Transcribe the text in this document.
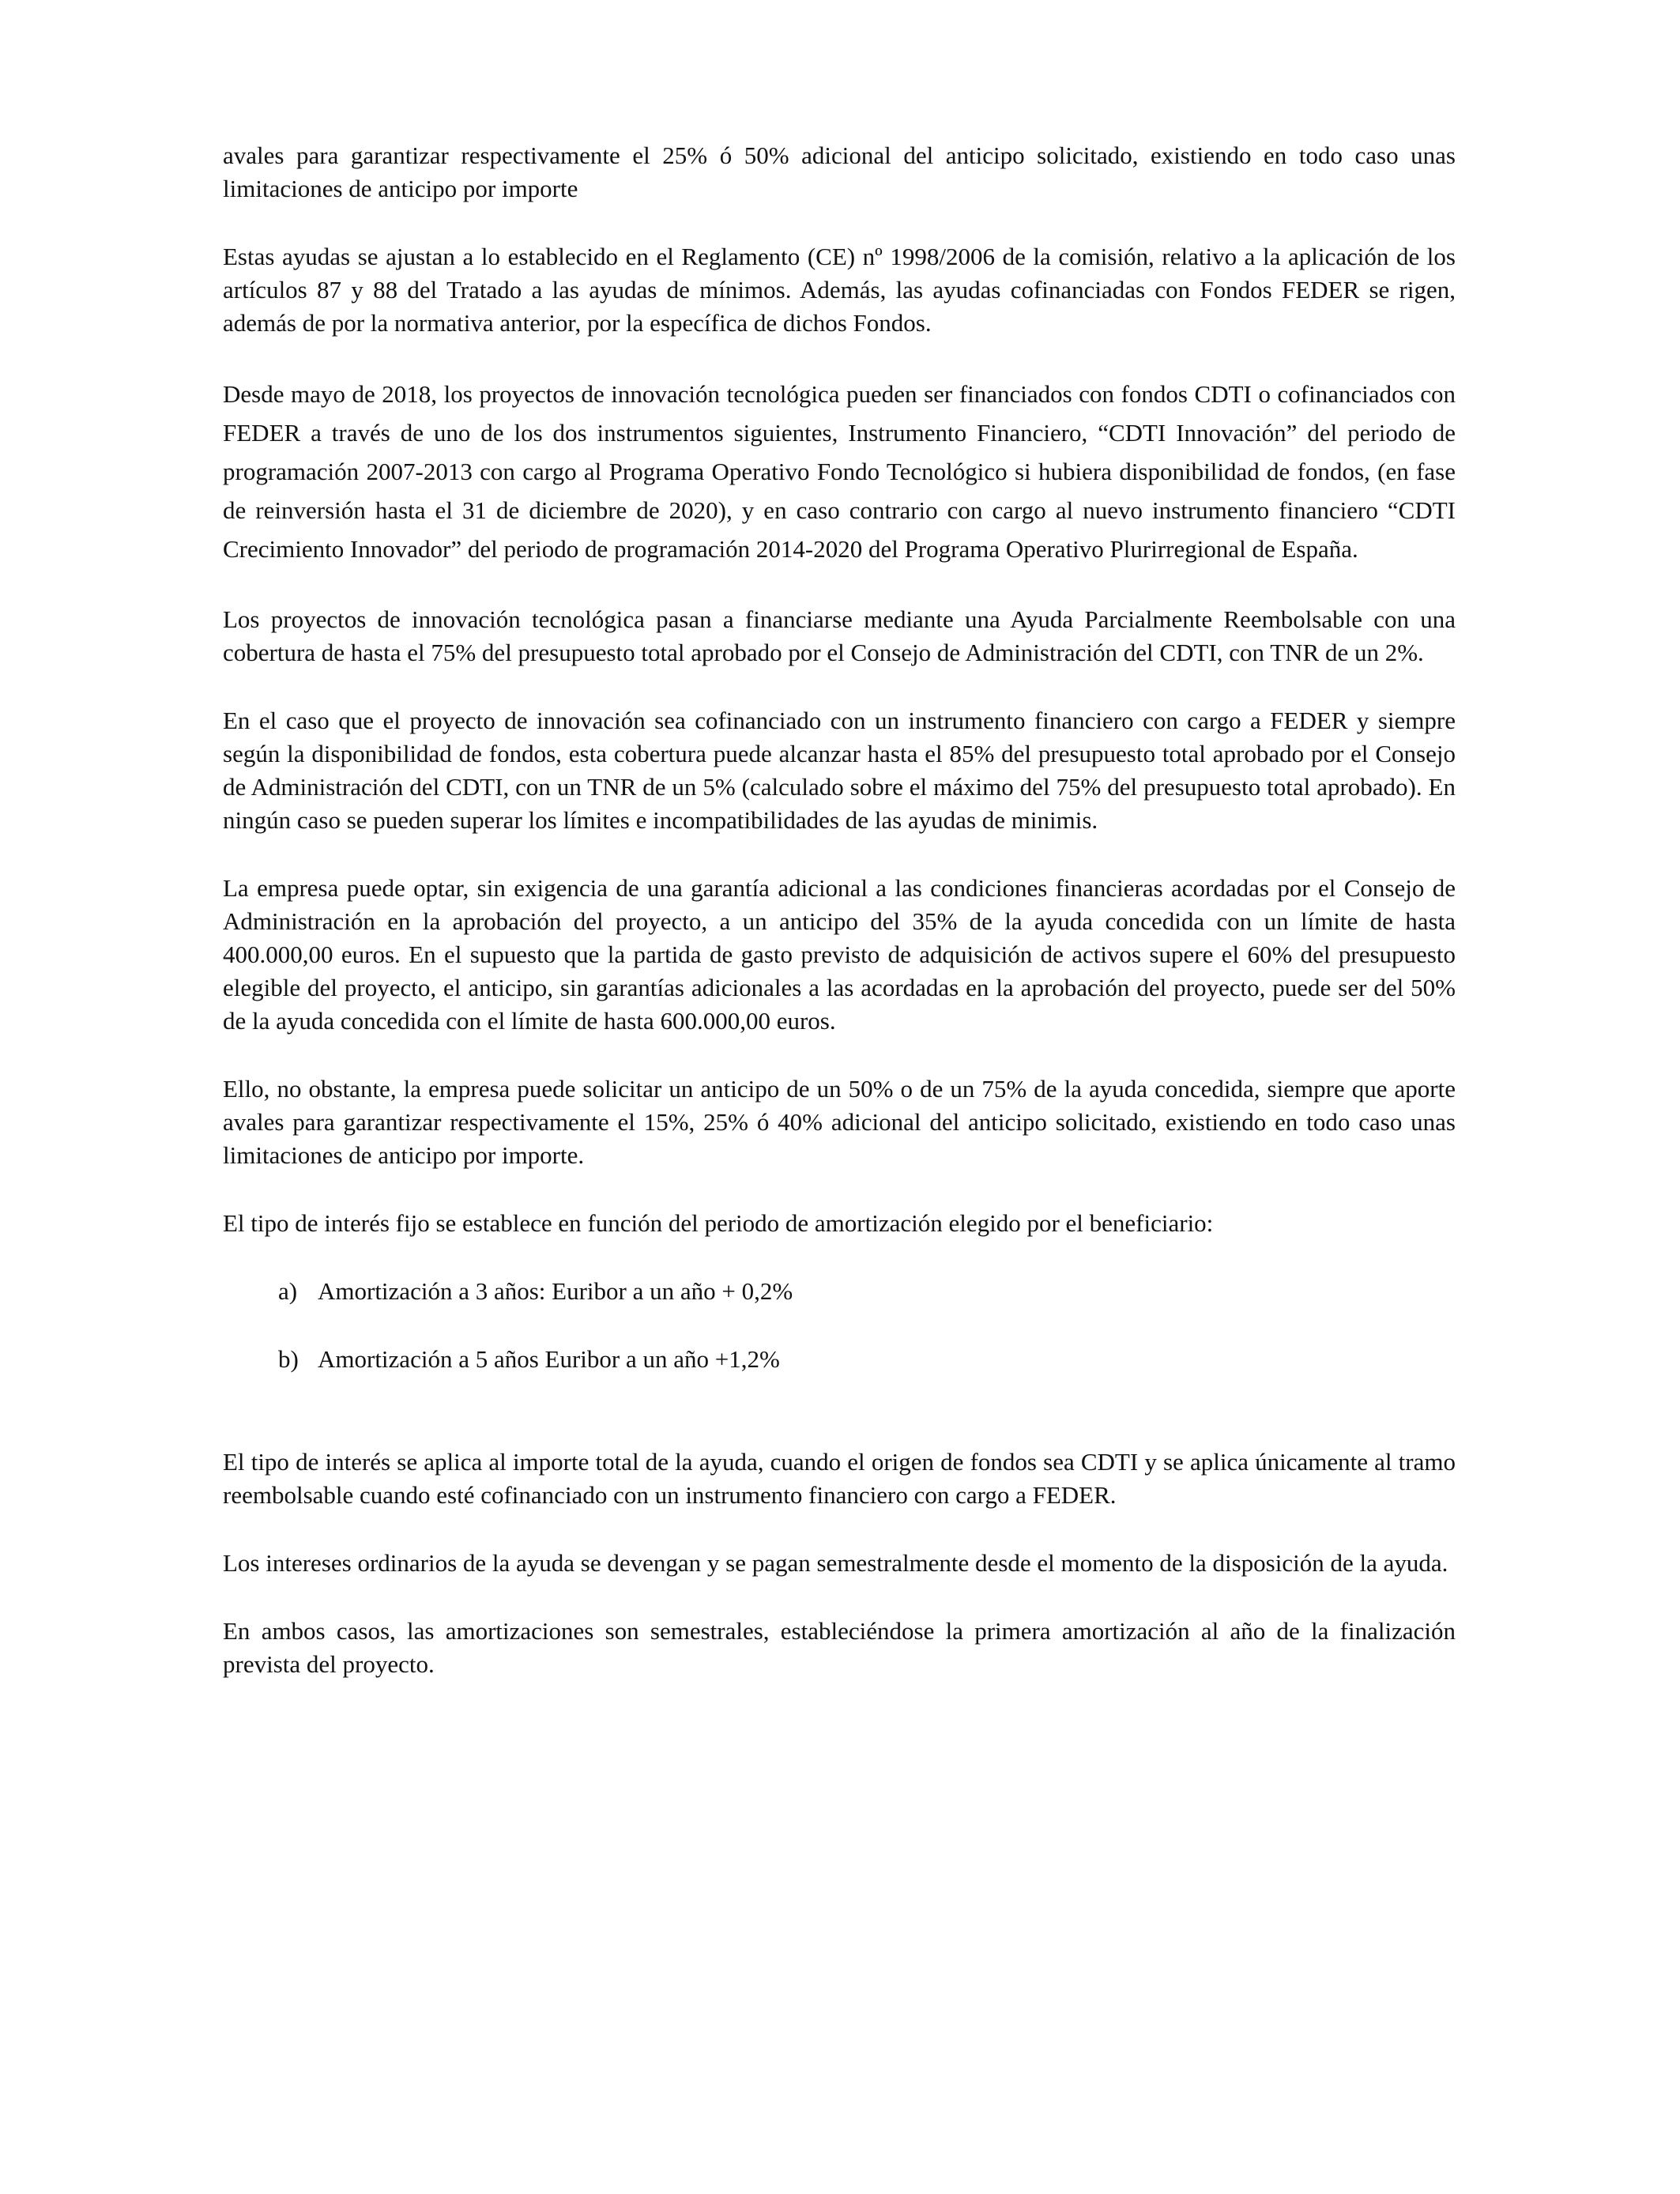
avales para garantizar respectivamente el 25% ó 50% adicional del anticipo solicitado, existiendo en todo caso unas limitaciones de anticipo por importe

Estas ayudas se ajustan a lo establecido en el Reglamento (CE) nº 1998/2006 de la comisión, relativo a la aplicación de los artículos 87 y 88 del Tratado a las ayudas de mínimos. Además, las ayudas cofinanciadas con Fondos FEDER se rigen, además de por la normativa anterior, por la específica de dichos Fondos.

Desde mayo de 2018, los proyectos de innovación tecnológica pueden ser financiados con fondos CDTI o cofinanciados con FEDER a través de uno de los dos instrumentos siguientes, Instrumento Financiero, “CDTI Innovación” del periodo de programación 2007-2013 con cargo al Programa Operativo Fondo Tecnológico si hubiera disponibilidad de fondos, (en fase de reinversión hasta el 31 de diciembre de 2020), y en caso contrario con cargo al nuevo instrumento financiero “CDTI Crecimiento Innovador” del periodo de programación 2014-2020 del Programa Operativo Plurirregional de España.

Los proyectos de innovación tecnológica pasan a financiarse mediante una Ayuda Parcialmente Reembolsable con una cobertura de hasta el 75% del presupuesto total aprobado por el Consejo de Administración del CDTI, con TNR de un 2%.

En el caso que el proyecto de innovación sea cofinanciado con un instrumento financiero con cargo a FEDER y siempre según la disponibilidad de fondos, esta cobertura puede alcanzar hasta el 85% del presupuesto total aprobado por el Consejo de Administración del CDTI, con un TNR de un 5% (calculado sobre el máximo del 75% del presupuesto total aprobado). En ningún caso se pueden superar los límites e incompatibilidades de las ayudas de minimis.

La empresa puede optar, sin exigencia de una garantía adicional a las condiciones financieras acordadas por el Consejo de Administración en la aprobación del proyecto, a un anticipo del 35% de la ayuda concedida con un límite de hasta 400.000,00 euros. En el supuesto que la partida de gasto previsto de adquisición de activos supere el 60% del presupuesto elegible del proyecto, el anticipo, sin garantías adicionales a las acordadas en la aprobación del proyecto, puede ser del 50% de la ayuda concedida con el límite de hasta 600.000,00 euros.

Ello, no obstante, la empresa puede solicitar un anticipo de un 50% o de un 75% de la ayuda concedida, siempre que aporte avales para garantizar respectivamente el 15%, 25% ó 40% adicional del anticipo solicitado, existiendo en todo caso unas limitaciones de anticipo por importe.

El tipo de interés fijo se establece en función del periodo de amortización elegido por el beneficiario:

a) Amortización a 3 años: Euribor a un año + 0,2%
b) Amortización a 5 años Euribor a un año +1,2%

El tipo de interés se aplica al importe total de la ayuda, cuando el origen de fondos sea CDTI y se aplica únicamente al tramo reembolsable cuando esté cofinanciado con un instrumento financiero con cargo a FEDER.

Los intereses ordinarios de la ayuda se devengan y se pagan semestralmente desde el momento de la disposición de la ayuda.

En ambos casos, las amortizaciones son semestrales, estableciéndose la primera amortización al año de la finalización prevista del proyecto.
